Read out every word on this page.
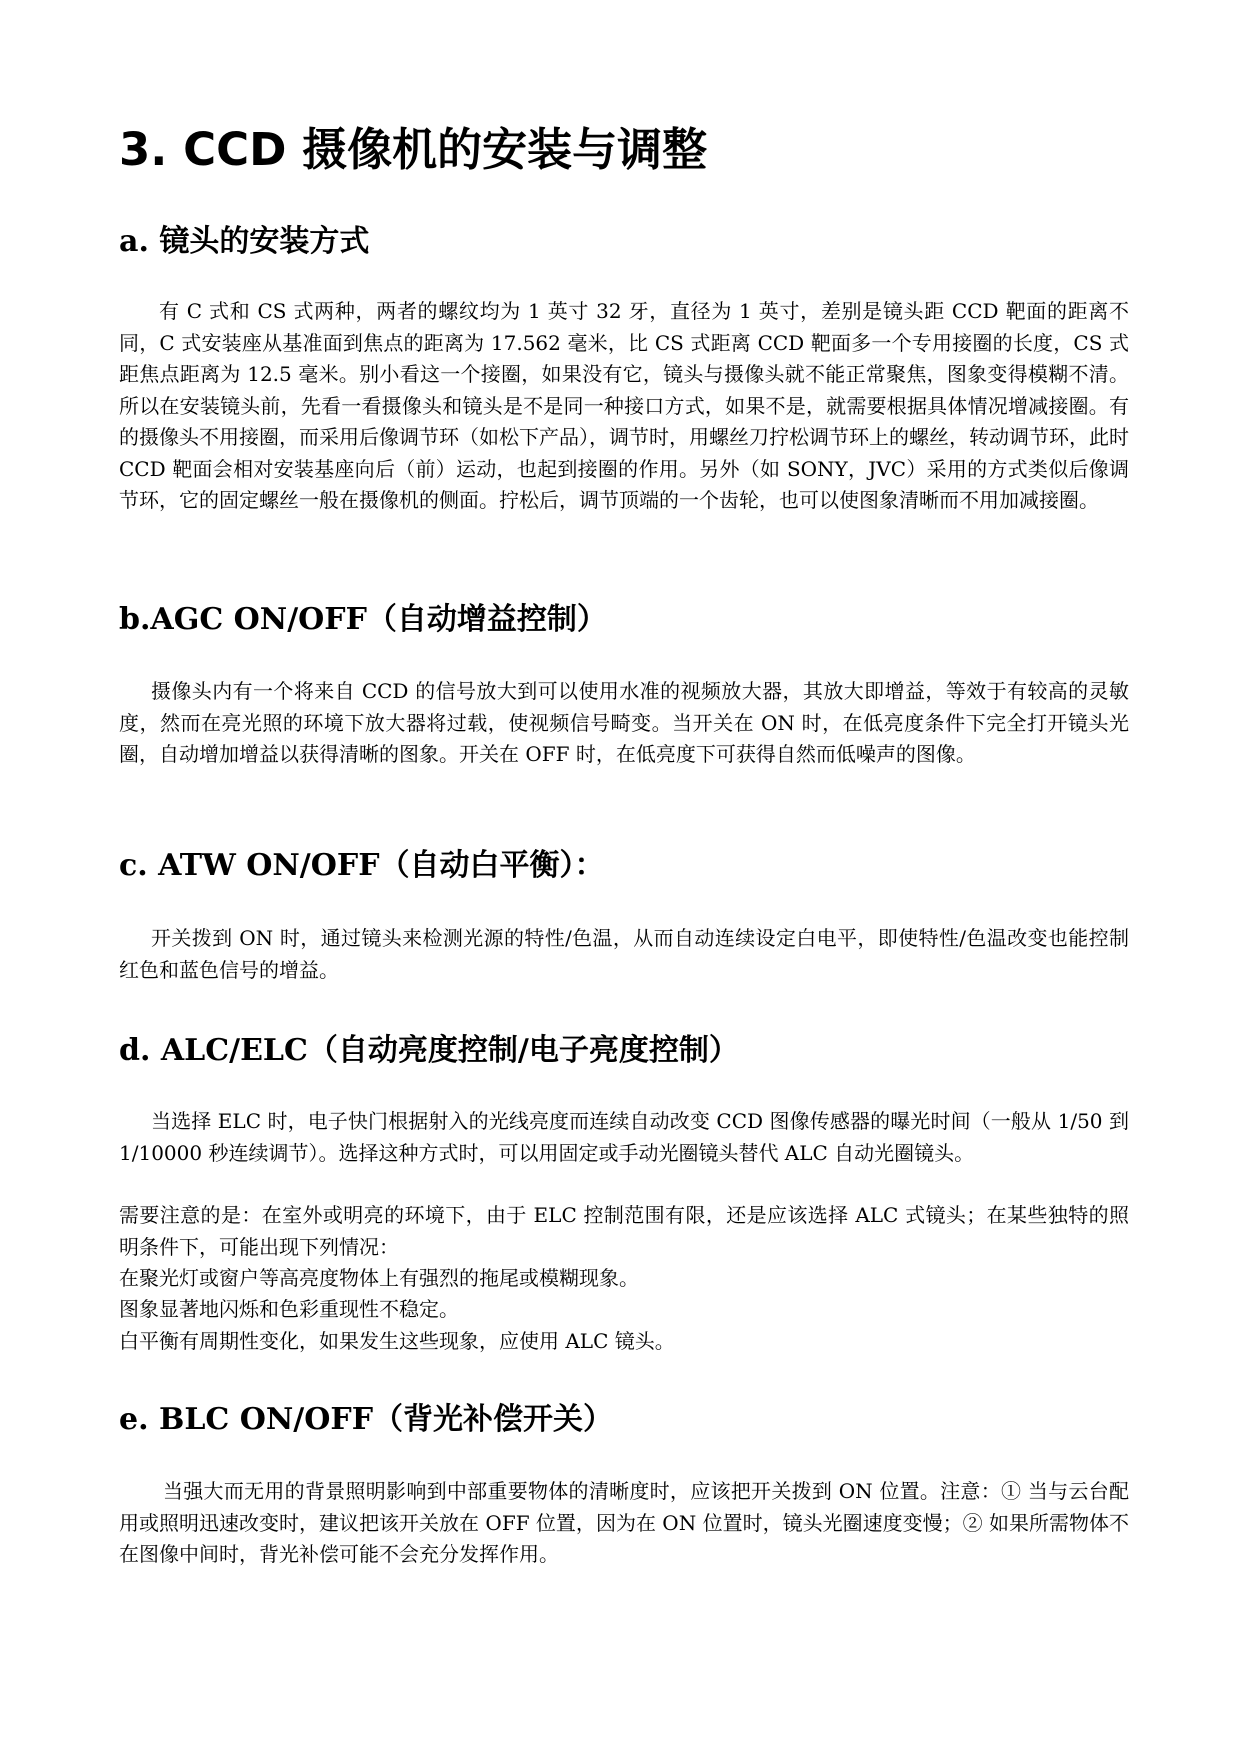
3. CCD 摄像机的安装与调整
a. 镜头的安装方式

有 C 式和 CS 式两种，两者的螺纹均为 1 英寸 32 牙，直径为 1 英寸，差别是镜头距 CCD 靶面的距离不同，C 式安装座从基准面到焦点的距离为 17.562 毫米，比 CS 式距离 CCD 靶面多一个专用接圈的长度，CS 式距焦点距离为 12.5 毫米。别小看这一个接圈，如果没有它，镜头与摄像头就不能正常聚焦，图象变得模糊不清。所以在安装镜头前，先看一看摄像头和镜头是不是同一种接口方式，如果不是，就需要根据具体情况增减接圈。有的摄像头不用接圈，而采用后像调节环（如松下产品），调节时，用螺丝刀拧松调节环上的螺丝，转动调节环，此时 CCD 靶面会相对安装基座向后（前）运动，也起到接圈的作用。另外（如 SONY，JVC）采用的方式类似后像调节环，它的固定螺丝一般在摄像机的侧面。拧松后，调节顶端的一个齿轮，也可以使图象清晰而不用加减接圈。

b.AGC ON/OFF（自动增益控制）

摄像头内有一个将来自 CCD 的信号放大到可以使用水准的视频放大器，其放大即增益，等效于有较高的灵敏度，然而在亮光照的环境下放大器将过载，使视频信号畸变。当开关在 ON 时，在低亮度条件下完全打开镜头光圈，自动增加增益以获得清晰的图象。开关在 OFF 时，在低亮度下可获得自然而低噪声的图像。

c. ATW ON/OFF（自动白平衡）：

开关拨到 ON 时，通过镜头来检测光源的特性/色温，从而自动连续设定白电平，即使特性/色温改变也能控制红色和蓝色信号的增益。

d. ALC/ELC（自动亮度控制/电子亮度控制）

当选择 ELC 时，电子快门根据射入的光线亮度而连续自动改变 CCD 图像传感器的曝光时间（一般从 1/50 到 1/10000 秒连续调节）。选择这种方式时，可以用固定或手动光圈镜头替代 ALC 自动光圈镜头。

需要注意的是：在室外或明亮的环境下，由于 ELC 控制范围有限，还是应该选择 ALC 式镜头；在某些独特的照明条件下，可能出现下列情况：

在聚光灯或窗户等高亮度物体上有强烈的拖尾或模糊现象。

图象显著地闪烁和色彩重现性不稳定。

白平衡有周期性变化，如果发生这些现象，应使用 ALC 镜头。

e. BLC ON/OFF（背光补偿开关）

当强大而无用的背景照明影响到中部重要物体的清晰度时，应该把开关拨到 ON 位置。注意：① 当与云台配用或照明迅速改变时，建议把该开关放在 OFF 位置，因为在 ON 位置时，镜头光圈速度变慢；② 如果所需物体不在图像中间时，背光补偿可能不会充分发挥作用。
